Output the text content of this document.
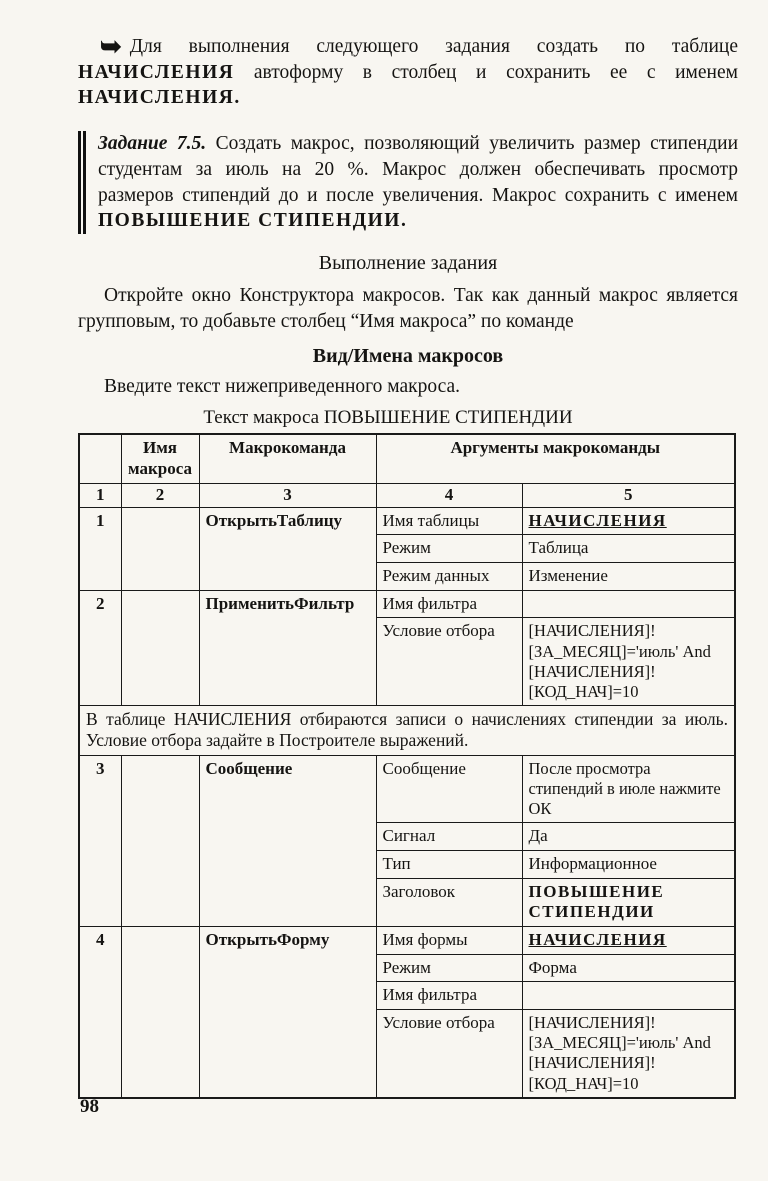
➥ Для выполнения следующего задания создать по таблице НАЧИСЛЕНИЯ автоформу в столбец и сохранить ее с именем НАЧИСЛЕНИЯ.

Задание 7.5. Создать макрос, позволяющий увеличить размер стипендии студентам за июль на 20 %. Макрос должен обеспечивать просмотр размеров стипендий до и после увеличения. Макрос сохранить с именем ПОВЫШЕНИЕ СТИПЕНДИИ.

Выполнение задания

Откройте окно Конструктора макросов. Так как данный макрос является групповым, то добавьте столбец “Имя макроса” по команде

Вид/Имена макросов

Введите текст нижеприведенного макроса.

Текст макроса ПОВЫШЕНИЕ СТИПЕНДИИ

	Имя макроса	Макрокоманда	Аргументы макрокоманды	
1	2	3	4	5
1		ОткрытьТаблицу	Имя таблицы	НАЧИСЛЕНИЯ
			Режим	Таблица
			Режим данных	Изменение
2		ПрименитьФильтр	Имя фильтра	
			Условие отбора	[НАЧИСЛЕНИЯ]! [ЗА_МЕСЯЦ]='июль' And [НАЧИСЛЕНИЯ]! [КОД_НАЧ]=10
В таблице НАЧИСЛЕНИЯ отбираются записи о начислениях стипендии за июль. Условие отбора задайте в Построителе выражений.				
3		Сообщение	Сообщение	После просмотра стипендий в июле нажмите ОК
			Сигнал	Да
			Тип	Информационное
			Заголовок	ПОВЫШЕНИЕ СТИПЕНДИИ
4		ОткрытьФорму	Имя формы	НАЧИСЛЕНИЯ
			Режим	Форма
			Имя фильтра	
			Условие отбора	[НАЧИСЛЕНИЯ]! [ЗА_МЕСЯЦ]='июль' And [НАЧИСЛЕНИЯ]! [КОД_НАЧ]=10
98
